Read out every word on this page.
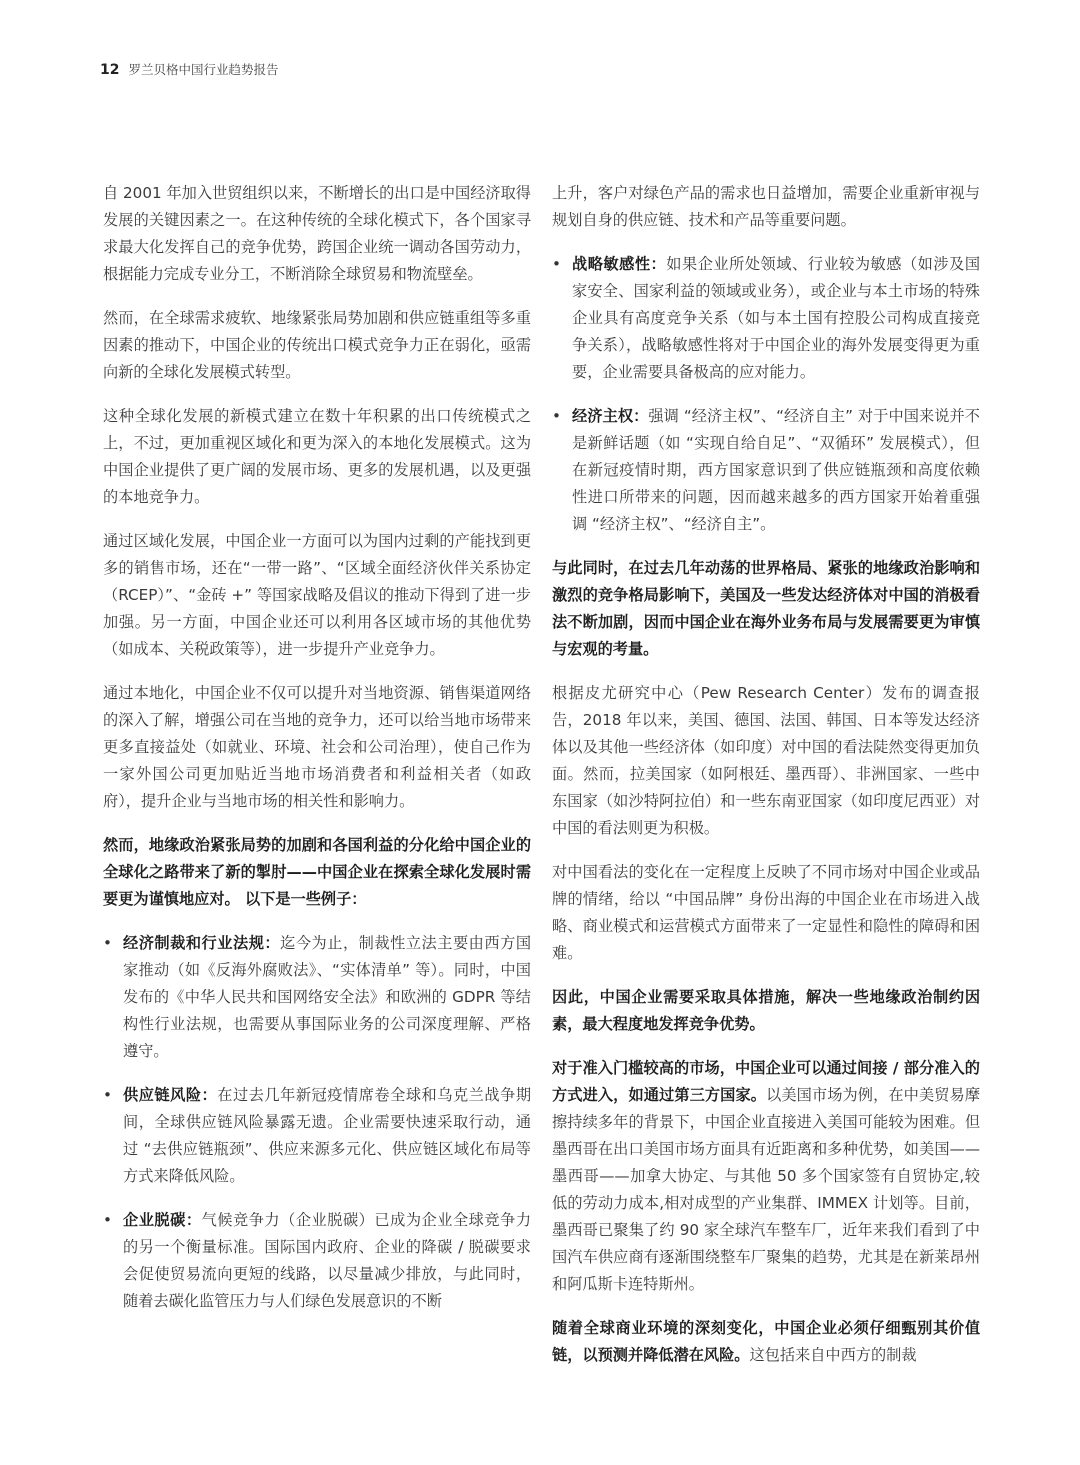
12 罗兰贝格中国行业趋势报告

自 2001 年加入世贸组织以来，不断增长的出口是中国经济取得发展的关键因素之一。在这种传统的全球化模式下，各个国家寻求最大化发挥自己的竞争优势，跨国企业统一调动各国劳动力，根据能力完成专业分工，不断消除全球贸易和物流壁垒。

然而，在全球需求疲软、地缘紧张局势加剧和供应链重组等多重因素的推动下，中国企业的传统出口模式竞争力正在弱化，亟需向新的全球化发展模式转型。

这种全球化发展的新模式建立在数十年积累的出口传统模式之上，不过，更加重视区域化和更为深入的本地化发展模式。这为中国企业提供了更广阔的发展市场、更多的发展机遇，以及更强的本地竞争力。

通过区域化发展，中国企业一方面可以为国内过剩的产能找到更多的销售市场，还在“一带一路”、“区域全面经济伙伴关系协定（RCEP）”、“金砖 +” 等国家战略及倡议的推动下得到了进一步加强。另一方面，中国企业还可以利用各区域市场的其他优势（如成本、关税政策等），进一步提升产业竞争力。

通过本地化，中国企业不仅可以提升对当地资源、销售渠道网络的深入了解，增强公司在当地的竞争力，还可以给当地市场带来更多直接益处（如就业、环境、社会和公司治理），使自己作为一家外国公司更加贴近当地市场消费者和利益相关者（如政府），提升企业与当地市场的相关性和影响力。

然而，地缘政治紧张局势的加剧和各国利益的分化给中国企业的全球化之路带来了新的掣肘——中国企业在探索全球化发展时需要更为谨慎地应对。 以下是一些例子：

• 经济制裁和行业法规：迄今为止，制裁性立法主要由西方国家推动（如《反海外腐败法》、“实体清单” 等）。同时，中国发布的《中华人民共和国网络安全法》和欧洲的 GDPR 等结构性行业法规，也需要从事国际业务的公司深度理解、严格遵守。

• 供应链风险：在过去几年新冠疫情席卷全球和乌克兰战争期间，全球供应链风险暴露无遗。企业需要快速采取行动，通过 “去供应链瓶颈”、供应来源多元化、供应链区域化布局等方式来降低风险。

• 企业脱碳：气候竞争力（企业脱碳）已成为企业全球竞争力的另一个衡量标准。国际国内政府、企业的降碳 / 脱碳要求会促使贸易流向更短的线路，以尽量减少排放，与此同时，随着去碳化监管压力与人们绿色发展意识的不断

上升，客户对绿色产品的需求也日益增加，需要企业重新审视与规划自身的供应链、技术和产品等重要问题。

• 战略敏感性：如果企业所处领域、行业较为敏感（如涉及国家安全、国家利益的领域或业务），或企业与本土市场的特殊企业具有高度竞争关系（如与本土国有控股公司构成直接竞争关系），战略敏感性将对于中国企业的海外发展变得更为重要，企业需要具备极高的应对能力。

• 经济主权：强调 “经济主权”、“经济自主” 对于中国来说并不是新鲜话题（如 “实现自给自足”、“双循环” 发展模式），但在新冠疫情时期，西方国家意识到了供应链瓶颈和高度依赖性进口所带来的问题，因而越来越多的西方国家开始着重强调 “经济主权”、“经济自主”。

与此同时，在过去几年动荡的世界格局、紧张的地缘政治影响和激烈的竞争格局影响下，美国及一些发达经济体对中国的消极看法不断加剧，因而中国企业在海外业务布局与发展需要更为审慎与宏观的考量。

根据皮尤研究中心（Pew Research Center）发布的调查报告，2018 年以来，美国、德国、法国、韩国、日本等发达经济体以及其他一些经济体（如印度）对中国的看法陡然变得更加负面。然而，拉美国家（如阿根廷、墨西哥）、非洲国家、一些中东国家（如沙特阿拉伯）和一些东南亚国家（如印度尼西亚）对中国的看法则更为积极。

对中国看法的变化在一定程度上反映了不同市场对中国企业或品牌的情绪，给以 “中国品牌” 身份出海的中国企业在市场进入战略、商业模式和运营模式方面带来了一定显性和隐性的障碍和困难。

因此，中国企业需要采取具体措施，解决一些地缘政治制约因素，最大程度地发挥竞争优势。

对于准入门槛较高的市场，中国企业可以通过间接 / 部分准入的方式进入，如通过第三方国家。以美国市场为例，在中美贸易摩擦持续多年的背景下，中国企业直接进入美国可能较为困难。但墨西哥在出口美国市场方面具有近距离和多种优势，如美国——墨西哥——加拿大协定、与其他 50 多个国家签有自贸协定,较低的劳动力成本,相对成型的产业集群、IMMEX 计划等。目前，墨西哥已聚集了约 90 家全球汽车整车厂，近年来我们看到了中国汽车供应商有逐渐围绕整车厂聚集的趋势，尤其是在新莱昂州和阿瓜斯卡连特斯州。

随着全球商业环境的深刻变化，中国企业必须仔细甄别其价值链，以预测并降低潜在风险。这包括来自中西方的制裁
